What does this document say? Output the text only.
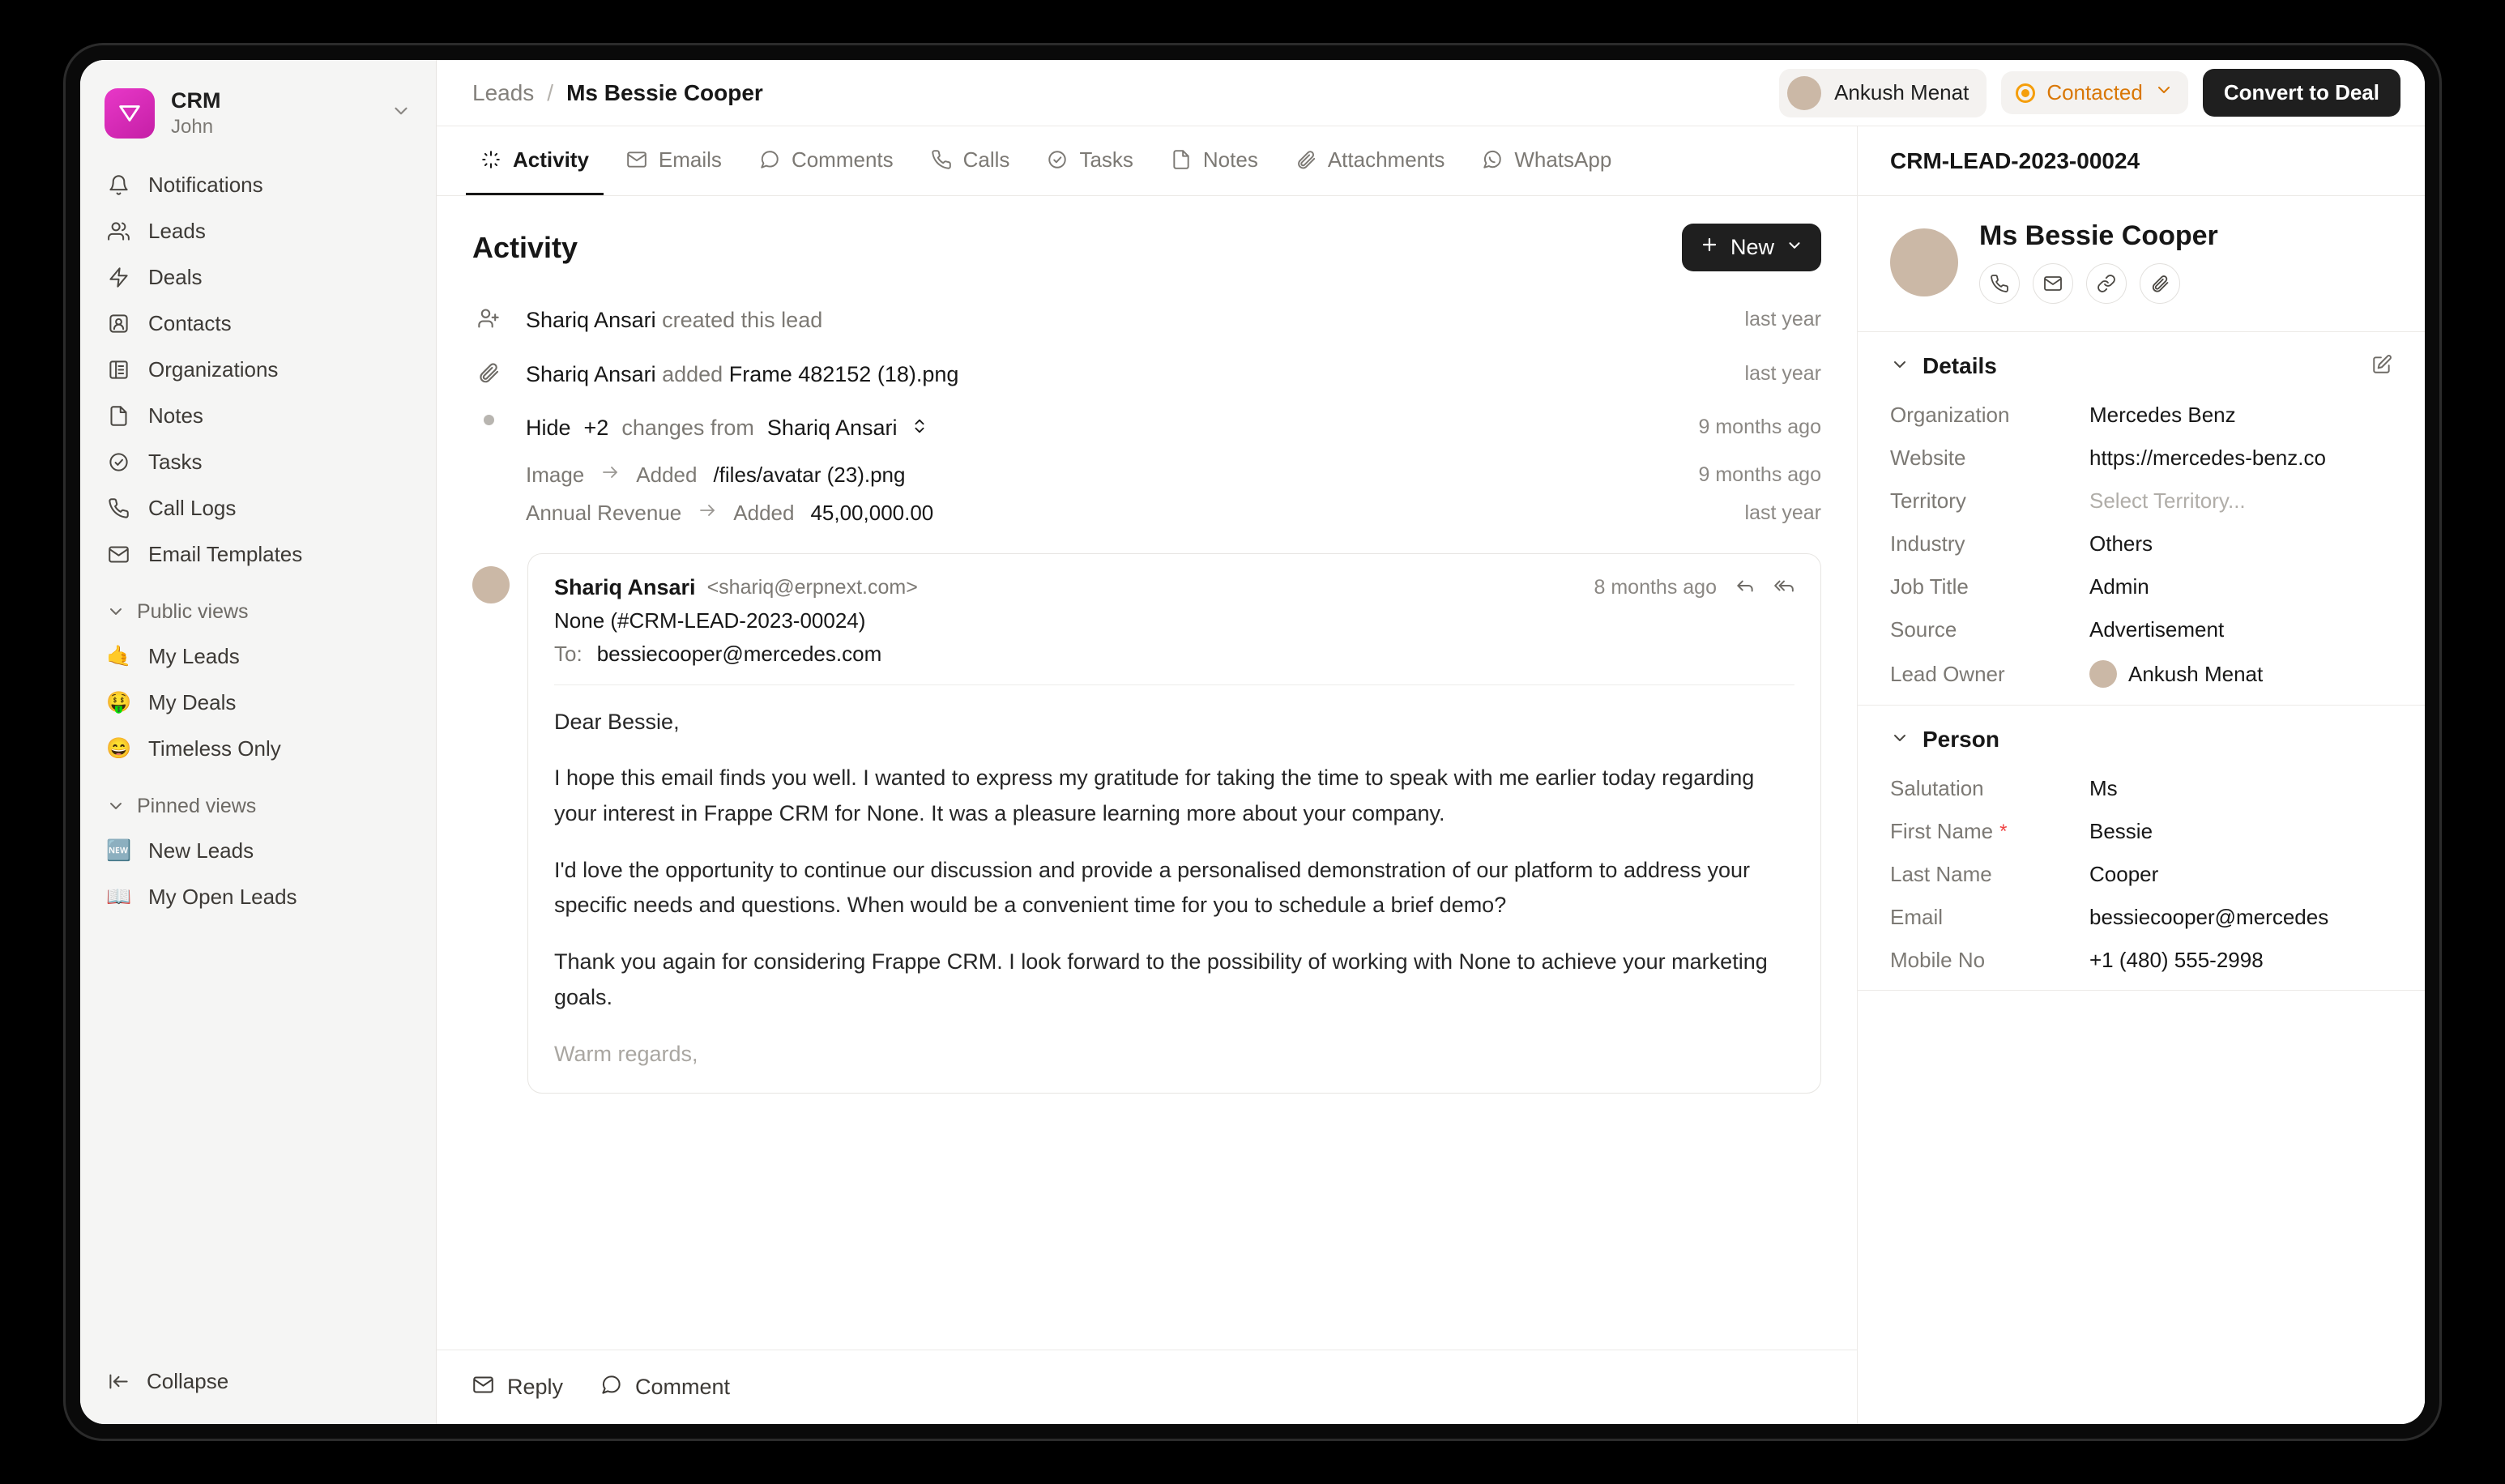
CRM
John
Notifications
Leads
Deals
Contacts
Organizations
Notes
Tasks
Call Logs
Email Templates
Public views
🤙 My Leads
🤑 My Deals
😄 Timeless Only
Pinned views
🆕 New Leads
📖 My Open Leads
Collapse
Leads / Ms Bessie Cooper	Ankush Menat	Contacted	Convert to Deal
Activity	Emails	Comments	Calls	Tasks	Notes	Attachments	WhatsApp
Activity	New
Shariq Ansari created this lead	last year
Shariq Ansari added Frame 482152 (18).png	last year
Hide +2 changes from Shariq Ansari	9 months ago
Image Added /files/avatar (23).png	9 months ago
Annual Revenue Added 45,00,000.00	last year
Shariq Ansari <shariq@erpnext.com>	8 months ago
None (#CRM-LEAD-2023-00024)
To: bessiecooper@mercedes.com

Dear Bessie,

I hope this email finds you well. I wanted to express my gratitude for taking the time to speak with me earlier today regarding your interest in Frappe CRM for None. It was a pleasure learning more about your company.

I'd love the opportunity to continue our discussion and provide a personalised demonstration of our platform to address your specific needs and questions. When would be a convenient time for you to schedule a brief demo?

Thank you again for considering Frappe CRM. I look forward to the possibility of working with None to achieve your marketing goals.

Warm regards,

Reply	Comment
CRM-LEAD-2023-00024
Ms Bessie Cooper
Details
Organization	Mercedes Benz
Website	https://mercedes-benz.co
Territory	Select Territory...
Industry	Others
Job Title	Admin
Source	Advertisement
Lead Owner	Ankush Menat
Person
Salutation	Ms
First Name *	Bessie
Last Name	Cooper
Email	bessiecooper@mercedes
Mobile No	+1 (480) 555-2998
